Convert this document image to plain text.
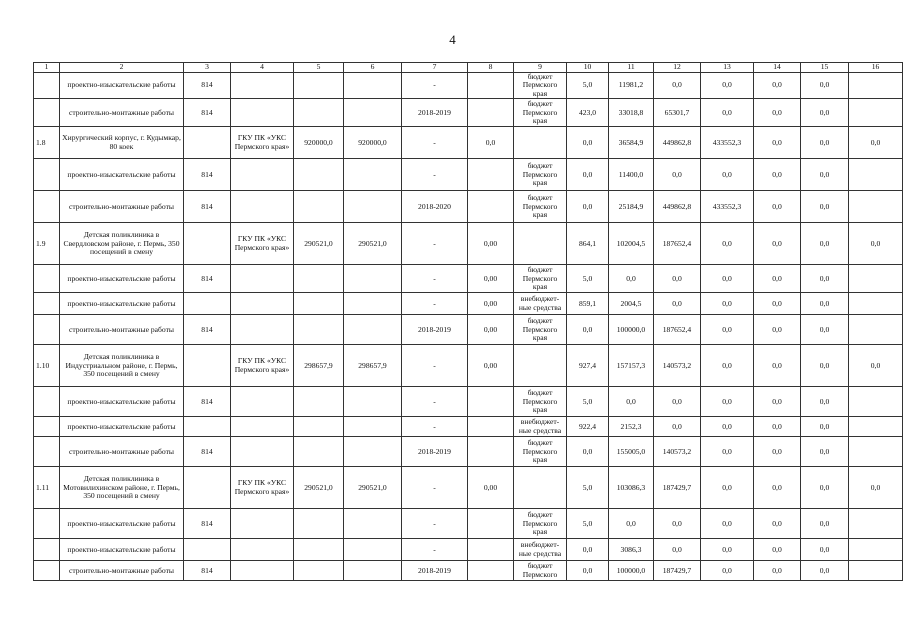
4
1	2	3	4	5	6	7	8	9	10	11	12	13	14	15	16
	проектно-изыскательские работы	814				-		бюджет Пермского края	5,0	11981,2	0,0	0,0	0,0	0,0	
	строительно-монтажные работы	814				2018-2019		бюджет Пермского края	423,0	33018,8	65301,7	0,0	0,0	0,0	
1.8	Хирургический корпус, г. Кудымкар, 80 коек		ГКУ ПК «УКС Пермского края»	920000,0	920000,0	-	0,0		0,0	36584,9	449862,8	433552,3	0,0	0,0	0,0
	проектно-изыскательские работы	814				-		бюджет Пермского края	0,0	11400,0	0,0	0,0	0,0	0,0	
	строительно-монтажные работы	814				2018-2020		бюджет Пермского края	0,0	25184,9	449862,8	433552,3	0,0	0,0	
1.9	Детская поликлиника в Свердловском районе, г. Пермь, 350 посещений в смену		ГКУ ПК «УКС Пермского края»	290521,0	290521,0	-	0,00		864,1	102004,5	187652,4	0,0	0,0	0,0	0,0
	проектно-изыскательские работы	814				-	0,00	бюджет Пермского края	5,0	0,0	0,0	0,0	0,0	0,0	
	проектно-изыскательские работы					-	0,00	внебюджет-ные средства	859,1	2004,5	0,0	0,0	0,0	0,0	
	строительно-монтажные работы	814				2018-2019	0,00	бюджет Пермского края	0,0	100000,0	187652,4	0,0	0,0	0,0	
1.10	Детская поликлиника в Индустриальном районе, г. Пермь, 350 посещений в смену		ГКУ ПК «УКС Пермского края»	298657,9	298657,9	-	0,00		927,4	157157,3	140573,2	0,0	0,0	0,0	0,0
	проектно-изыскательские работы	814				-		бюджет Пермского края	5,0	0,0	0,0	0,0	0,0	0,0	
	проектно-изыскательские работы					-		внебюджет-ные средства	922,4	2152,3	0,0	0,0	0,0	0,0	
	строительно-монтажные работы	814				2018-2019		бюджет Пермского края	0,0	155005,0	140573,2	0,0	0,0	0,0	
1.11	Детская поликлиника в Мотовилихинском районе, г. Пермь, 350 посещений в смену		ГКУ ПК «УКС Пермского края»	290521,0	290521,0	-	0,00		5,0	103086,3	187429,7	0,0	0,0	0,0	0,0
	проектно-изыскательские работы	814				-		бюджет Пермского края	5,0	0,0	0,0	0,0	0,0	0,0	
	проектно-изыскательские работы					-		внебюджет-ные средства	0,0	3086,3	0,0	0,0	0,0	0,0	
	строительно-монтажные работы	814				2018-2019		бюджет Пермского	0,0	100000,0	187429,7	0,0	0,0	0,0	
